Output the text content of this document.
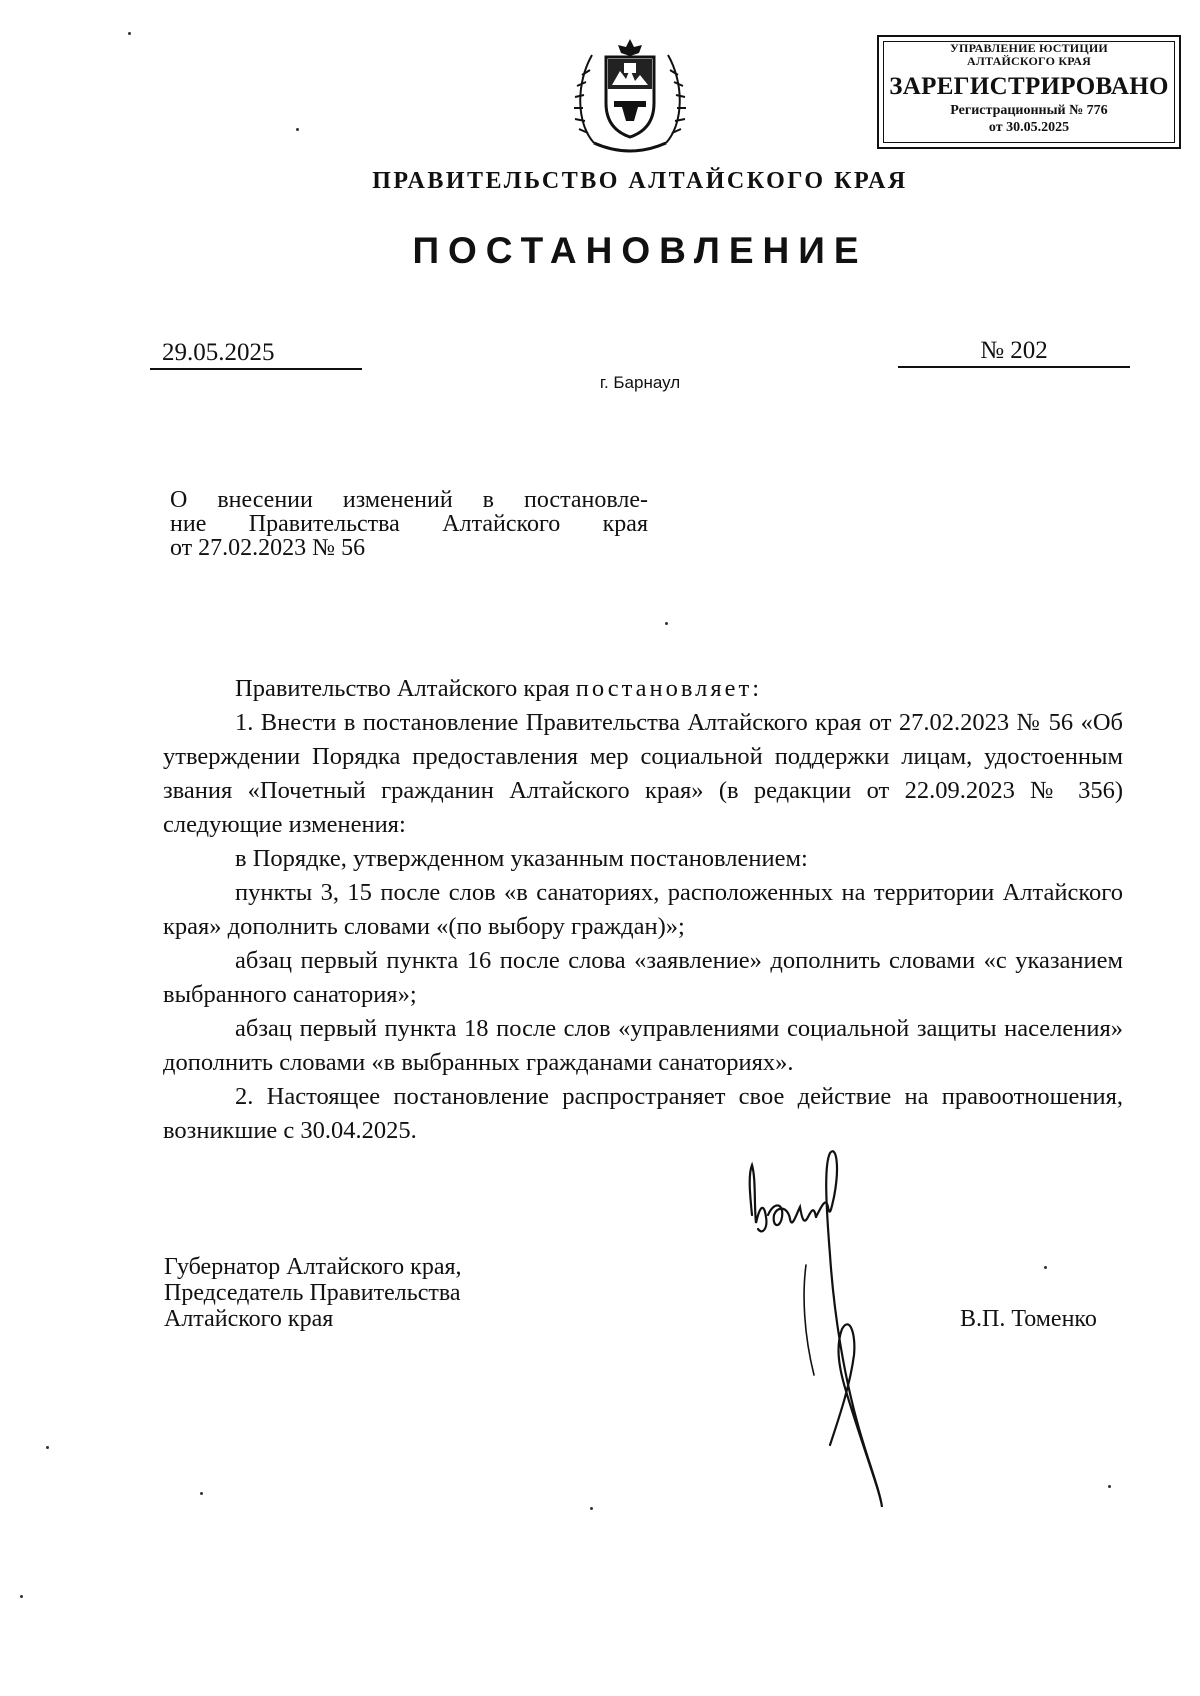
УПРАВЛЕНИЕ ЮСТИЦИИ
АЛТАЙСКОГО КРАЯ
ЗАРЕГИСТРИРОВАНО
Регистрационный № 776
от 30.05.2025
ПРАВИТЕЛЬСТВО АЛТАЙСКОГО КРАЯ
ПОСТАНОВЛЕНИЕ
29.05.2025	№ 202
г. Барнаул
О внесении изменений в постановле-
ние Правительства Алтайского края
от 27.02.2023 № 56

Правительство Алтайского края постановляет:

1. Внести в постановление Правительства Алтайского края от 27.02.2023 № 56 «Об утверждении Порядка предоставления мер социальной поддержки лицам, удостоенным звания «Почетный гражданин Алтайского края» (в редакции от 22.09.2023 № 356) следующие изменения:

в Порядке, утвержденном указанным постановлением:

пункты 3, 15 после слов «в санаториях, расположенных на территории Алтайского края» дополнить словами «(по выбору граждан)»;

абзац первый пункта 16 после слова «заявление» дополнить словами «с указанием выбранного санатория»;

абзац первый пункта 18 после слов «управлениями социальной защиты населения» дополнить словами «в выбранных гражданами санаториях».

2. Настоящее постановление распространяет свое действие на правоотношения, возникшие с 30.04.2025.

Губернатор Алтайского края,
Председатель Правительства
Алтайского края	В.П. Томенко
